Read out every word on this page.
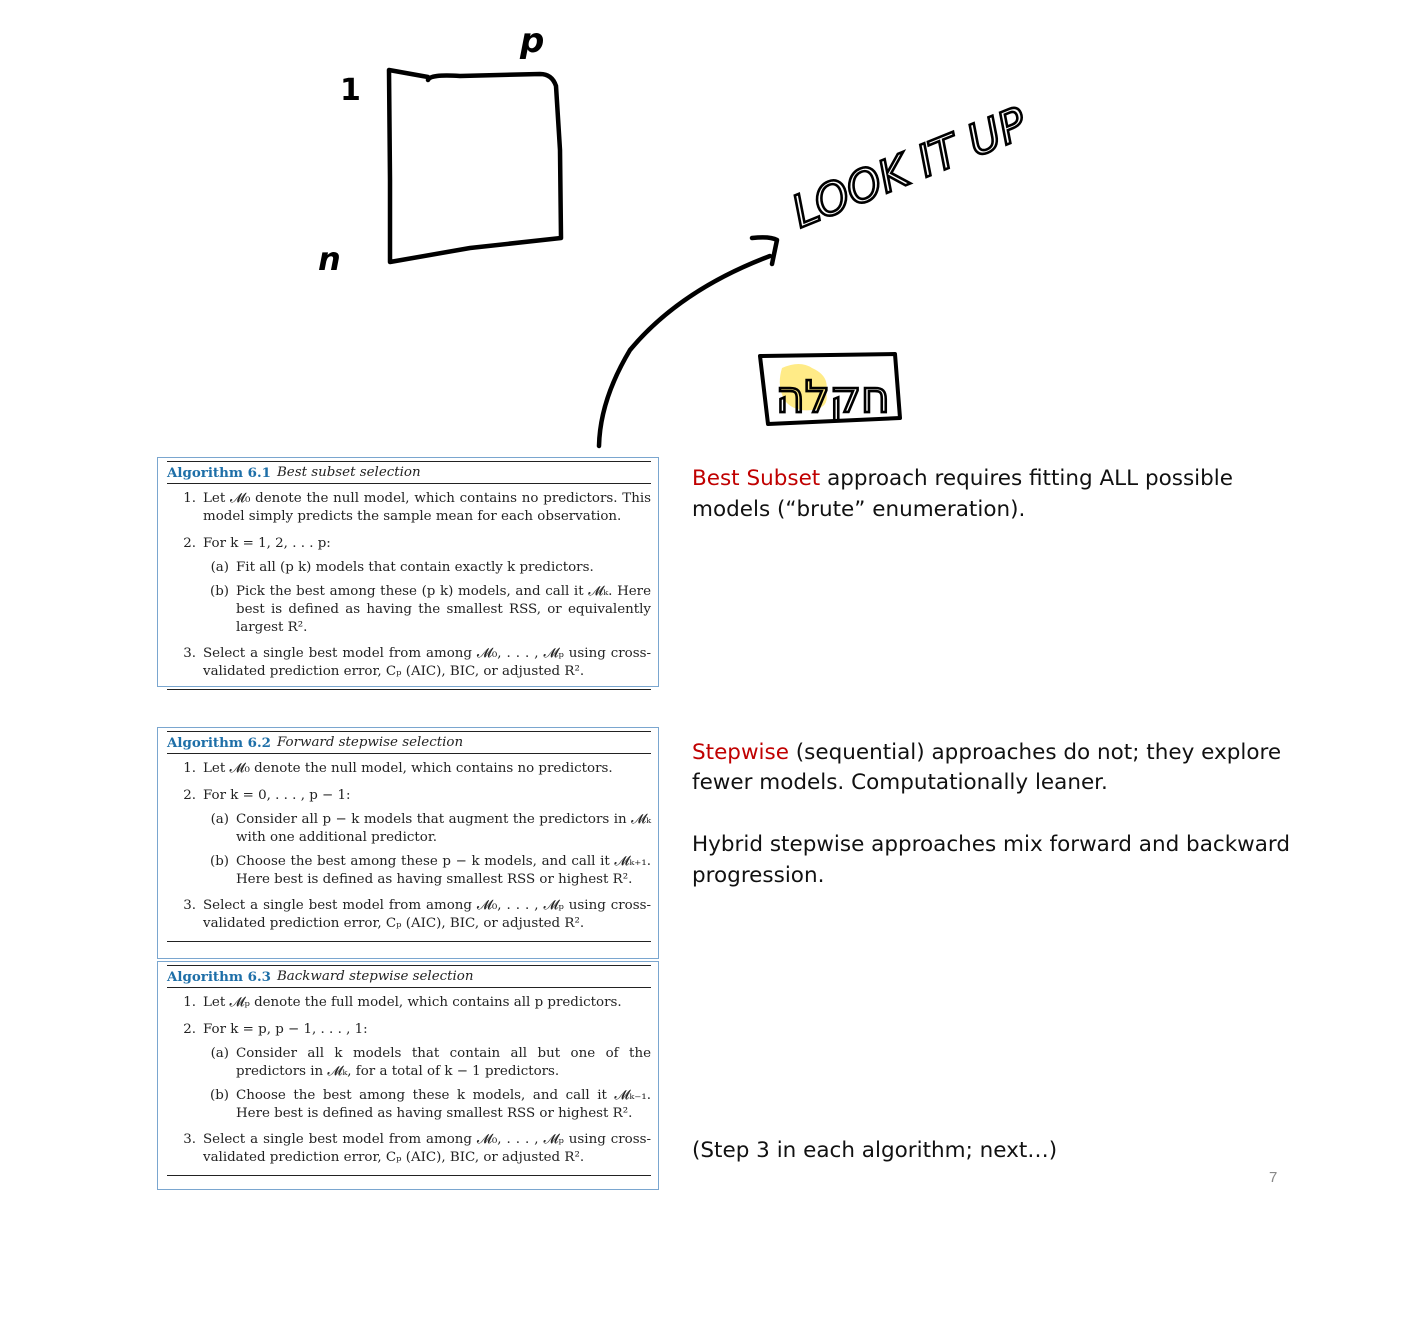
p
1
n
LOOK IT UP
חקלה
Algorithm 6.1 Best subset selection
1. Let 𝓜₀ denote the null model, which contains no predictors. This model simply predicts the sample mean for each observation.
2. For k = 1, 2, . . . p:
(a) Fit all (p k) models that contain exactly k predictors.
(b) Pick the best among these (p k) models, and call it 𝓜ₖ. Here best is defined as having the smallest RSS, or equivalently largest R².
3. Select a single best model from among 𝓜₀, . . . , 𝓜ₚ using cross-validated prediction error, Cₚ (AIC), BIC, or adjusted R².
Algorithm 6.2 Forward stepwise selection
1. Let 𝓜₀ denote the null model, which contains no predictors.
2. For k = 0, . . . , p − 1:
(a) Consider all p − k models that augment the predictors in 𝓜ₖ with one additional predictor.
(b) Choose the best among these p − k models, and call it 𝓜ₖ₊₁. Here best is defined as having smallest RSS or highest R².
3. Select a single best model from among 𝓜₀, . . . , 𝓜ₚ using cross-validated prediction error, Cₚ (AIC), BIC, or adjusted R².
Algorithm 6.3 Backward stepwise selection
1. Let 𝓜ₚ denote the full model, which contains all p predictors.
2. For k = p, p − 1, . . . , 1:
(a) Consider all k models that contain all but one of the predictors in 𝓜ₖ, for a total of k − 1 predictors.
(b) Choose the best among these k models, and call it 𝓜ₖ₋₁. Here best is defined as having smallest RSS or highest R².
3. Select a single best model from among 𝓜₀, . . . , 𝓜ₚ using cross-validated prediction error, Cₚ (AIC), BIC, or adjusted R².
Best Subset approach requires fitting ALL possible models (“brute” enumeration).
Stepwise (sequential) approaches do not; they explore fewer models. Computationally leaner.
Hybrid stepwise approaches mix forward and backward progression.
(Step 3 in each algorithm; next…)
7
